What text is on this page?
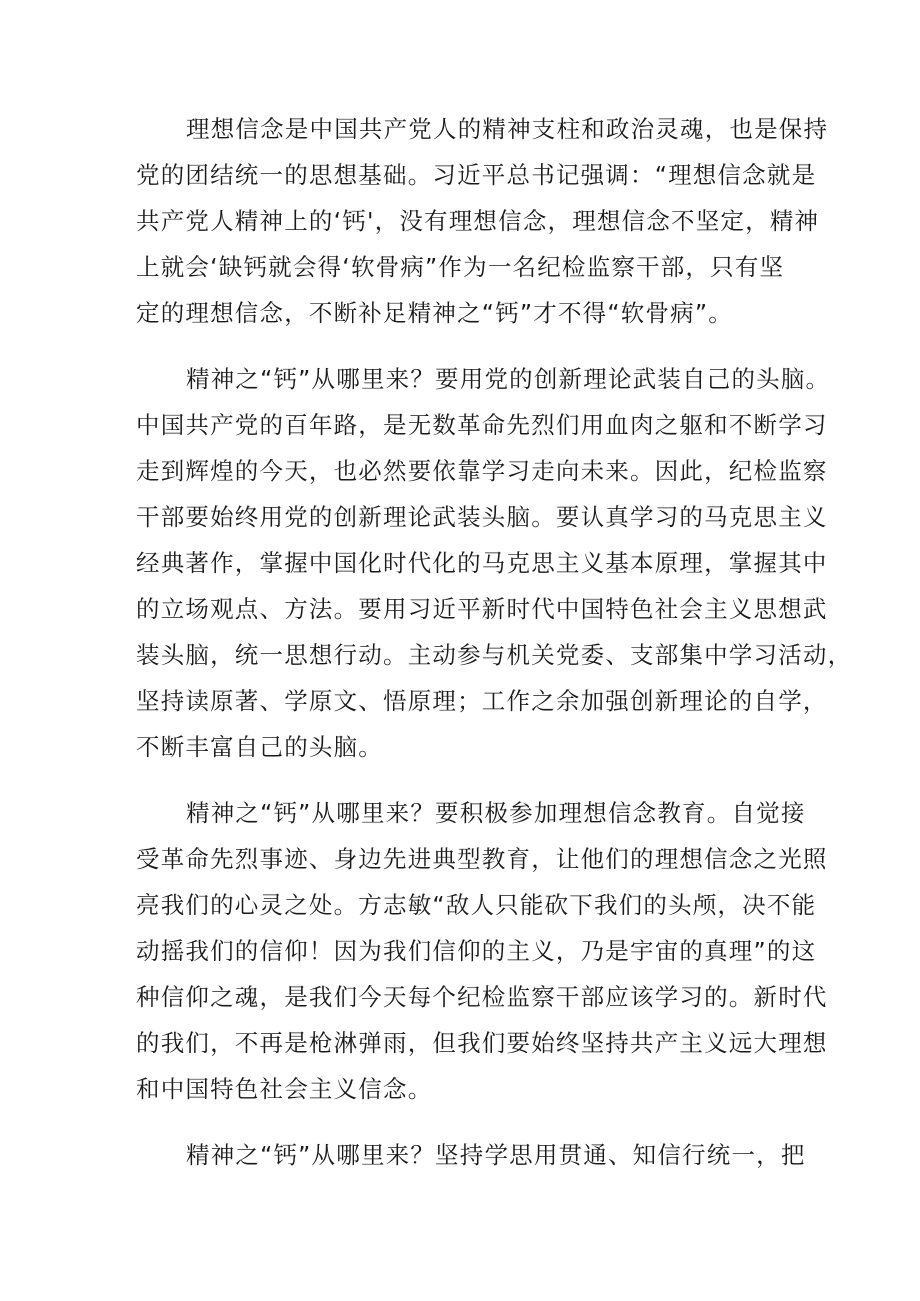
理想信念是中国共产党人的精神支柱和政治灵魂，也是保持
党的团结统一的思想基础。习近平总书记强调：“理想信念就是
共产党人精神上的‘钙'，没有理想信念，理想信念不坚定，精神
上就会‘缺钙就会得‘软骨病”作为一名纪检监察干部，只有坚
定的理想信念，不断补足精神之“钙”才不得“软骨病”。
精神之“钙”从哪里来？要用党的创新理论武装自己的头脑。
中国共产党的百年路，是无数革命先烈们用血肉之躯和不断学习
走到辉煌的今天，也必然要依靠学习走向未来。因此，纪检监察
干部要始终用党的创新理论武装头脑。要认真学习的马克思主义
经典著作，掌握中国化时代化的马克思主义基本原理，掌握其中
的立场观点、方法。要用习近平新时代中国特色社会主义思想武
装头脑，统一思想行动。主动参与机关党委、支部集中学习活动，
坚持读原著、学原文、悟原理；工作之余加强创新理论的自学，
不断丰富自己的头脑。
精神之“钙”从哪里来？要积极参加理想信念教育。自觉接
受革命先烈事迹、身边先进典型教育，让他们的理想信念之光照
亮我们的心灵之处。方志敏“敌人只能砍下我们的头颅，决不能
动摇我们的信仰！因为我们信仰的主义，乃是宇宙的真理”的这
种信仰之魂，是我们今天每个纪检监察干部应该学习的。新时代
的我们，不再是枪淋弹雨，但我们要始终坚持共产主义远大理想
和中国特色社会主义信念。
精神之“钙”从哪里来？坚持学思用贯通、知信行统一，把
